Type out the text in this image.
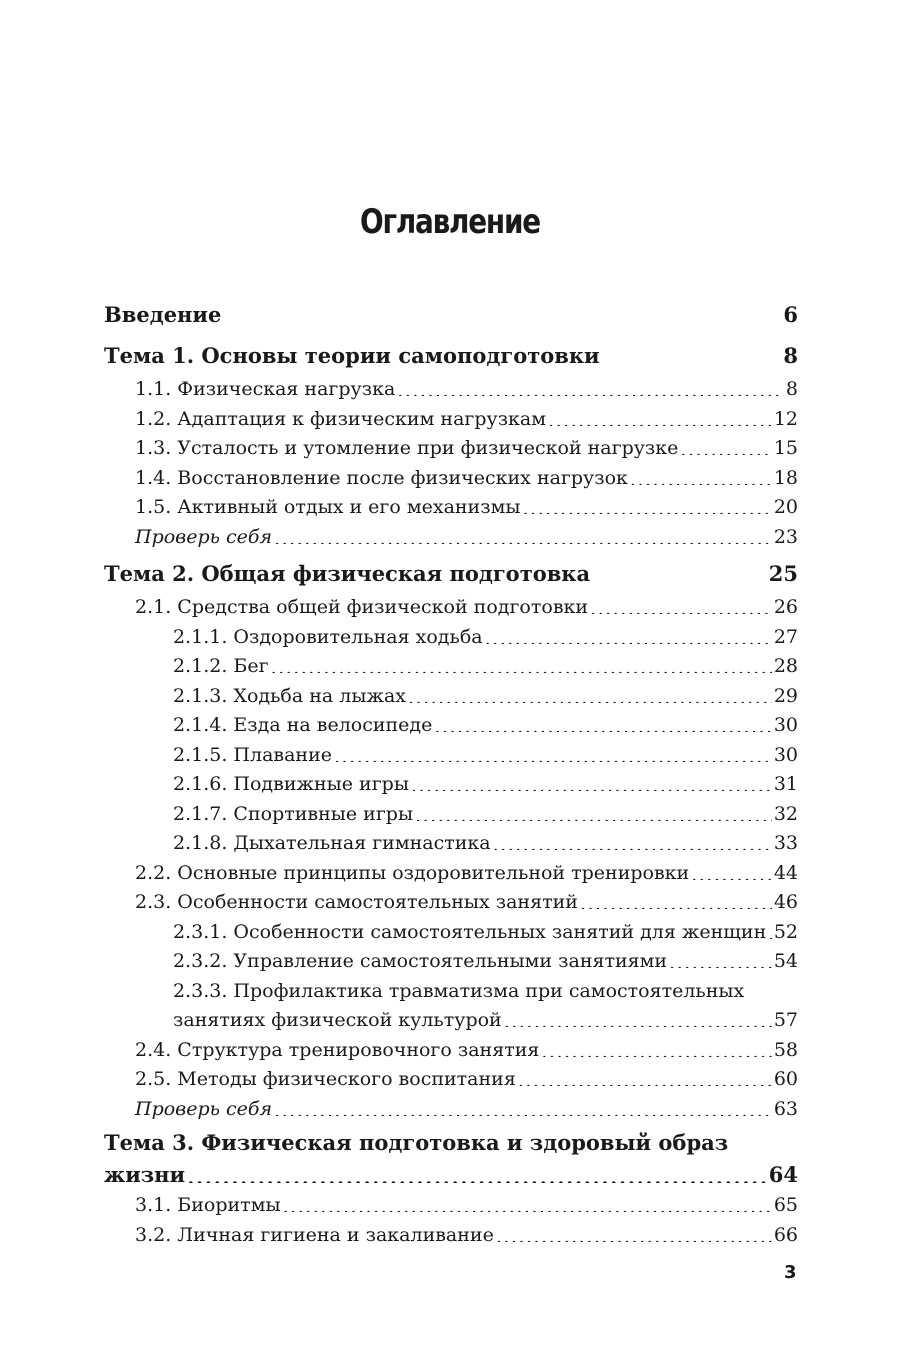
Оглавление
Введение .....	6
Тема 1. Основы теории самоподготовки .....	8
1.1. Физическая нагрузка .....	8
1.2. Адаптация к физическим нагрузкам .....	12
1.3. Усталость и утомление при физической нагрузке .....	15
1.4. Восстановление после физических нагрузок .....	18
1.5. Активный отдых и его механизмы .....	20
Проверь себя .....	23
Тема 2. Общая физическая подготовка .....	25
2.1. Средства общей физической подготовки .....	26
2.1.1. Оздоровительная ходьба .....	27
2.1.2. Бег .....	28
2.1.3. Ходьба на лыжах .....	29
2.1.4. Езда на велосипеде .....	30
2.1.5. Плавание .....	30
2.1.6. Подвижные игры .....	31
2.1.7. Спортивные игры .....	32
2.1.8. Дыхательная гимнастика .....	33
2.2. Основные принципы оздоровительной тренировки .....	44
2.3. Особенности самостоятельных занятий .....	46
2.3.1. Особенности самостоятельных занятий для женщин ..... 52
2.3.2. Управление самостоятельными занятиями .....	54
2.3.3. Профилактика травматизма при самостоятельных
занятиях физической культурой .....	57
2.4. Структура тренировочного занятия .....	58
2.5. Методы физического воспитания .....	60
Проверь себя .....	63
Тема 3. Физическая подготовка и здоровый образ
жизни .....	64
3.1. Биоритмы .....	65
3.2. Личная гигиена и закаливание .....	66
3
